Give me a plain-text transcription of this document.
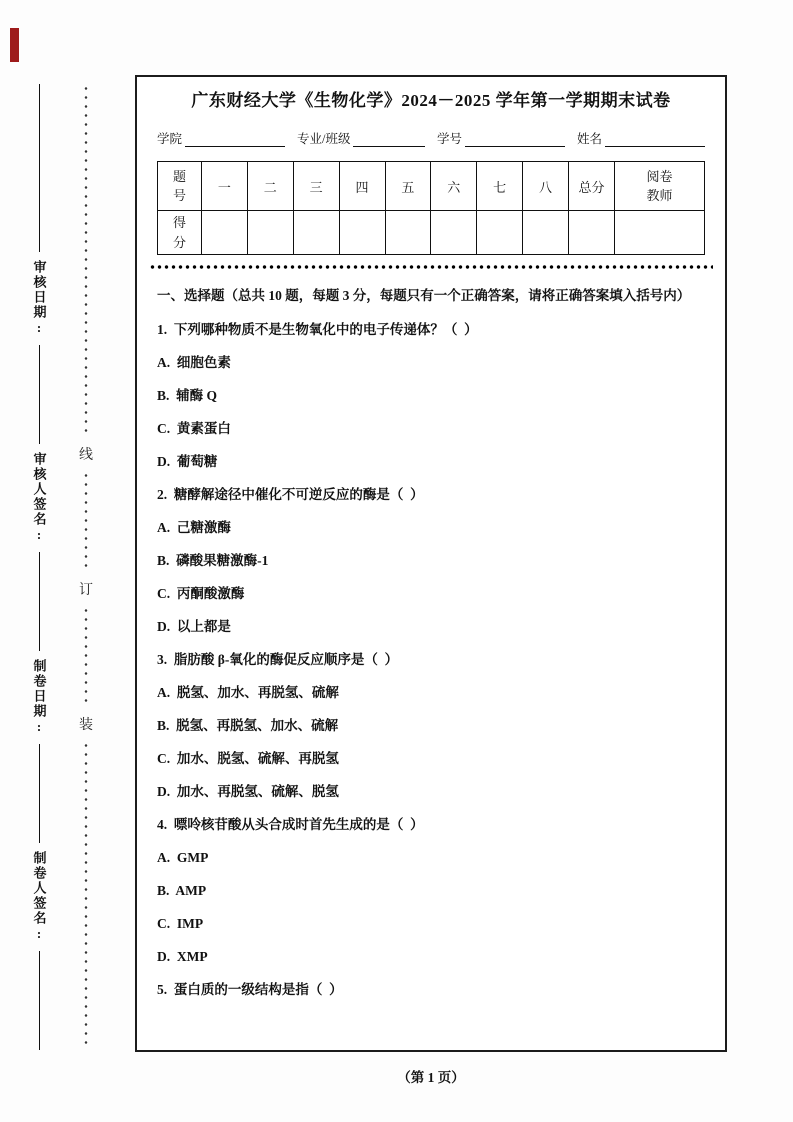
审核日期:
审核人签名:
制卷日期:
制卷人签名:
线
订
装
广东财经大学《生物化学》2024－2025 学年第一学期期末试卷
学院	专业/班级	学号	姓名
题号	一	二	三	四	五	六	七	八	总分	阅卷教师
得分										
一、选择题（总共 10 题，每题 3 分，每题只有一个正确答案，请将正确答案填入括号内）
1.  下列哪种物质不是生物氧化中的电子传递体？（  ）
A.  细胞色素
B.  辅酶 Q
C.  黄素蛋白
D.  葡萄糖
2.  糖酵解途径中催化不可逆反应的酶是（  ）
A.  己糖激酶
B.  磷酸果糖激酶-1
C.  丙酮酸激酶
D.  以上都是
3.  脂肪酸 β-氧化的酶促反应顺序是（  ）
A.  脱氢、加水、再脱氢、硫解
B.  脱氢、再脱氢、加水、硫解
C.  加水、脱氢、硫解、再脱氢
D.  加水、再脱氢、硫解、脱氢
4.  嘌呤核苷酸从头合成时首先生成的是（  ）
A.  GMP
B.  AMP
C.  IMP
D.  XMP
5.  蛋白质的一级结构是指（  ）
（第 1 页）
